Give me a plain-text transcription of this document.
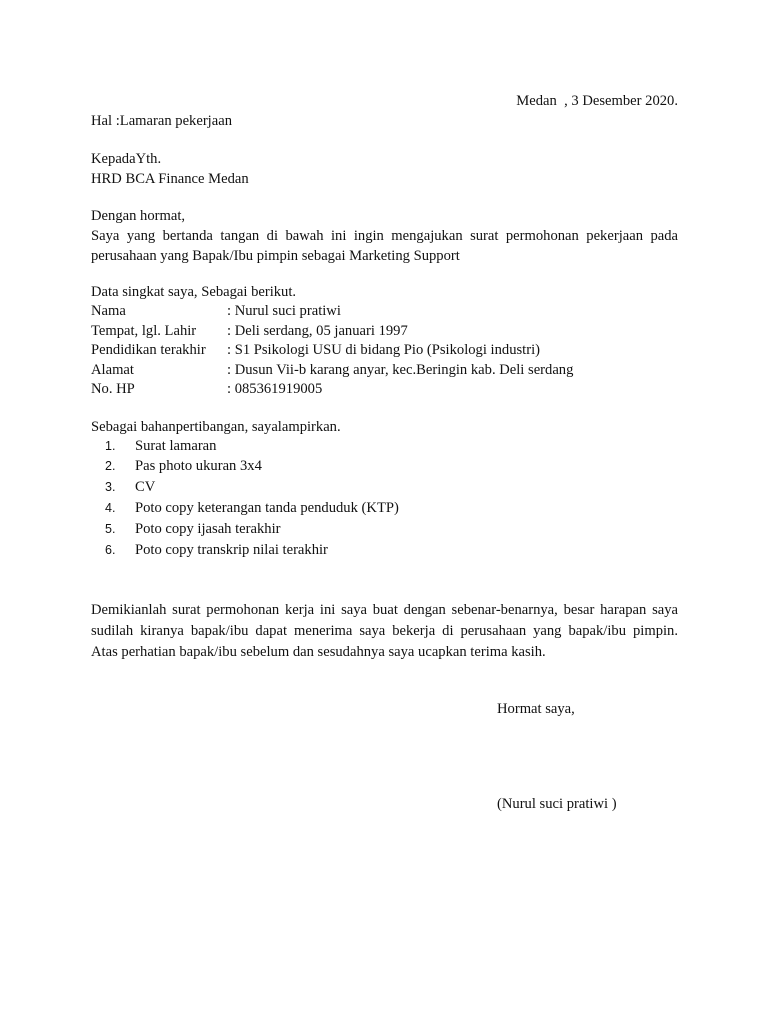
Medan  , 3 Desember 2020.
Hal :Lamaran pekerjaan
KepadaYth.
HRD BCA Finance Medan
Dengan hormat,
Saya yang bertanda tangan di bawah ini ingin mengajukan surat permohonan pekerjaan pada
perusahaan yang Bapak/Ibu pimpin sebagai Marketing Support
Data singkat saya, Sebagai berikut.
Nama	: Nurul suci pratiwi
Tempat, lgl. Lahir	: Deli serdang, 05 januari 1997
Pendidikan terakhir	: S1 Psikologi USU di bidang Pio (Psikologi industri)
Alamat	: Dusun Vii-b karang anyar, kec.Beringin kab. Deli serdang
No. HP	: 085361919005
Sebagai bahanpertibangan, sayalampirkan.
1.	Surat lamaran
2.	Pas photo ukuran 3x4
3.	CV
4.	Poto copy keterangan tanda penduduk (KTP)
5.	Poto copy ijasah terakhir
6.	Poto copy transkrip nilai terakhir
Demikianlah surat permohonan kerja ini saya buat dengan sebenar-benarnya, besar harapan saya
sudilah kiranya bapak/ibu dapat menerima saya bekerja di perusahaan yang bapak/ibu pimpin.
Atas perhatian bapak/ibu sebelum dan sesudahnya saya ucapkan terima kasih.
Hormat saya,
(Nurul suci pratiwi )
